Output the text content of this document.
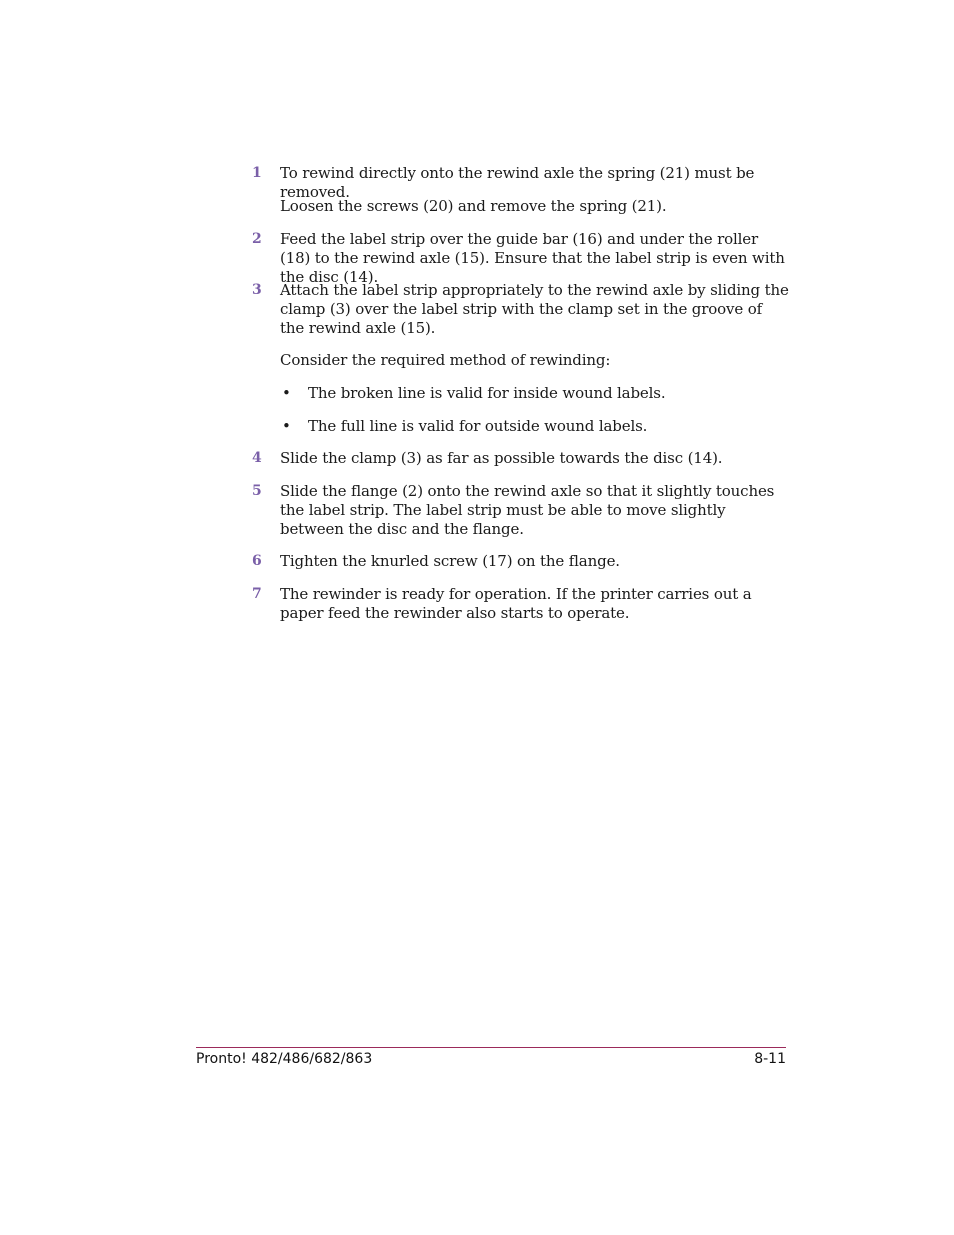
1 To rewind directly onto the rewind axle the spring (21) must be removed.
Loosen the screws (20) and remove the spring (21).
2 Feed the label strip over the guide bar (16) and under the roller (18) to the rewind axle (15). Ensure that the label strip is even with the disc (14).
3 Attach the label strip appropriately to the rewind axle by sliding the clamp (3) over the label strip with the clamp set in the groove of the rewind axle (15).
Consider the required method of rewinding:
• The broken line is valid for inside wound labels.
• The full line is valid for outside wound labels.
4 Slide the clamp (3) as far as possible towards the disc (14).
5 Slide the flange (2) onto the rewind axle so that it slightly touches the label strip. The label strip must be able to move slightly between the disc and the flange.
6 Tighten the knurled screw (17) on the flange.
7 The rewinder is ready for operation. If the printer carries out a paper feed the rewinder also starts to operate.
Pronto! 482/486/682/863	8-11
